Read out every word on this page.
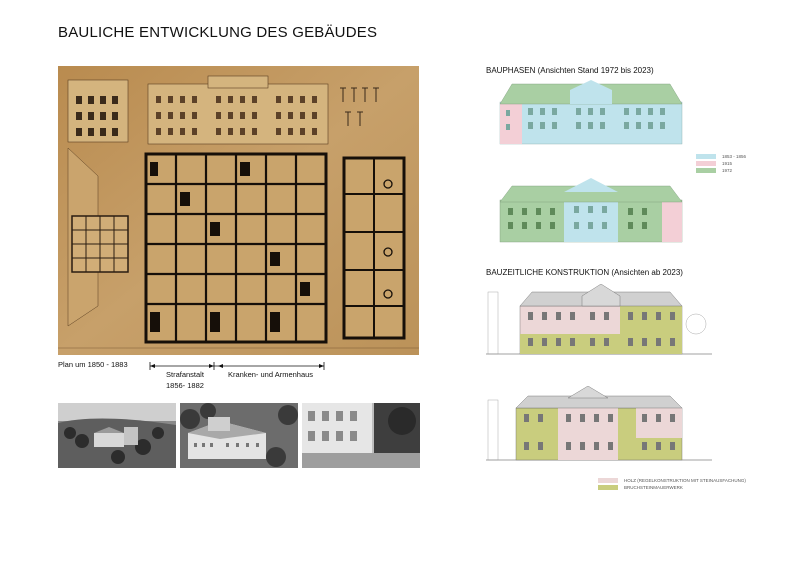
BAULICHE ENTWICKLUNG DES GEBÄUDES
Plan um 1850 - 1883
Strafanstalt
1856- 1882
Kranken- und Armenhaus
BAUPHASEN (Ansichten Stand 1972 bis 2023)
1853 - 1856
1915
1972
BAUZEITLICHE KONSTRUKTION (Ansichten ab 2023)
HOLZ (REGELKONSTRUKTION MIT STEINAUSFACHUNG)
BRUCHSTEINMAUERWERK
